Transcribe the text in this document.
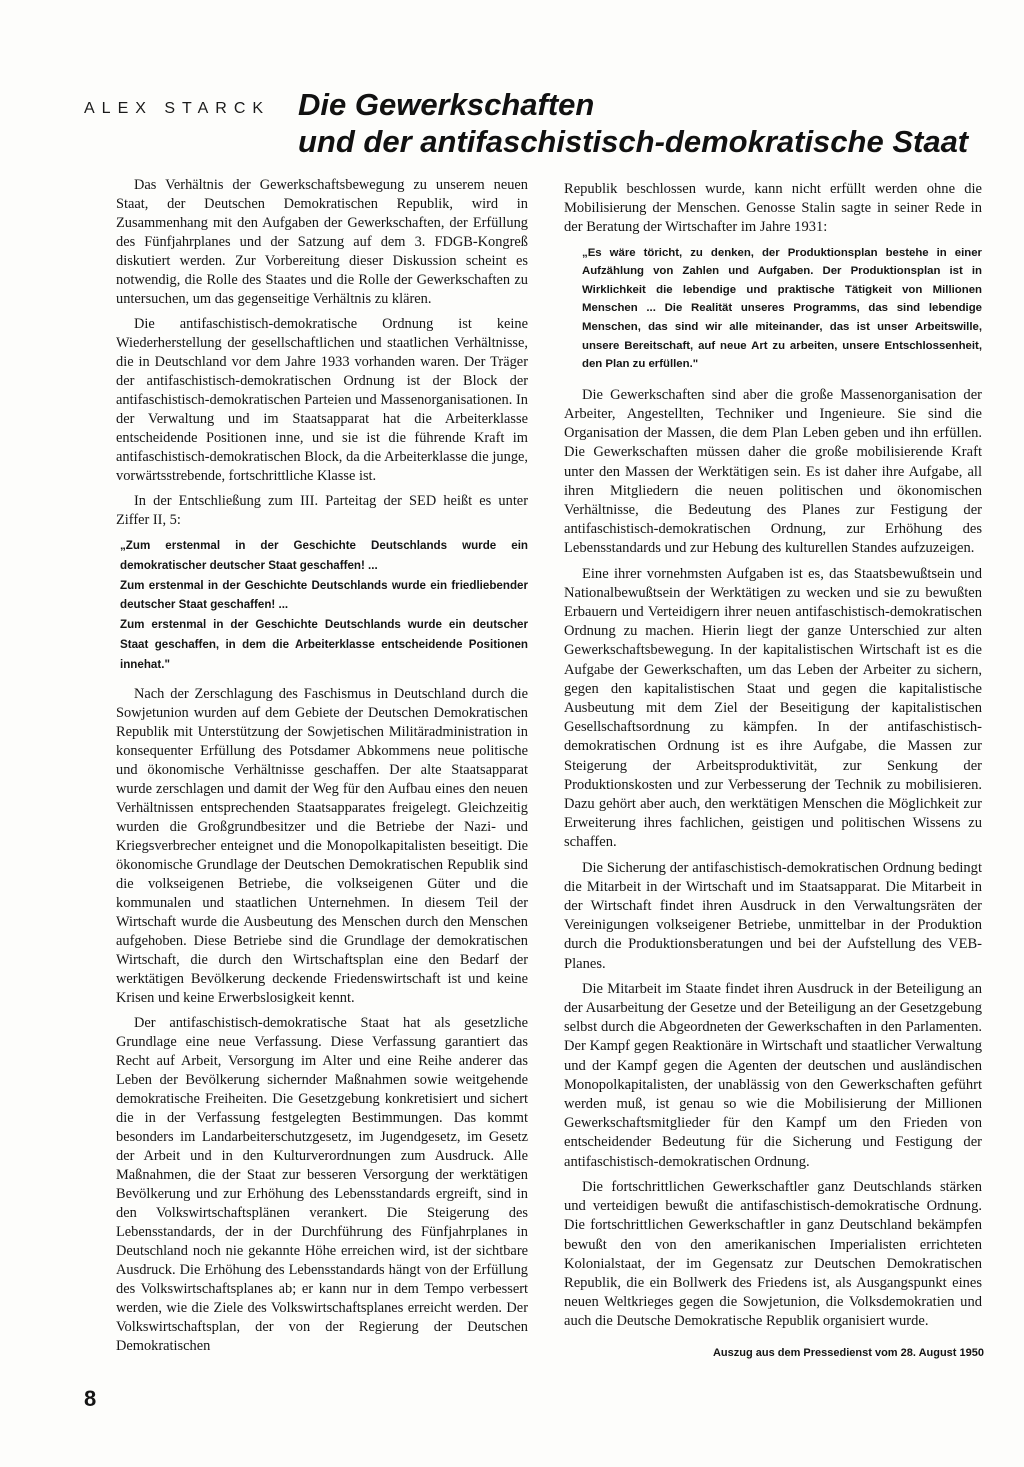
ALEX STARCK Die Gewerkschaften
und der antifaschistisch-demokratische Staat

Das Verhältnis der Gewerkschaftsbewegung zu unserem neuen Staat, der Deutschen Demokratischen Republik, wird in Zusammenhang mit den Aufgaben der Gewerkschaften, der Erfüllung des Fünfjahrplanes und der Satzung auf dem 3. FDGB-Kongreß diskutiert werden. Zur Vorbereitung dieser Diskussion scheint es notwendig, die Rolle des Staates und die Rolle der Gewerkschaften zu untersuchen, um das gegenseitige Verhältnis zu klären.

Die antifaschistisch-demokratische Ordnung ist keine Wiederherstellung der gesellschaftlichen und staatlichen Verhältnisse, die in Deutschland vor dem Jahre 1933 vorhanden waren. Der Träger der antifaschistisch-demokratischen Ordnung ist der Block der antifaschistisch-demokratischen Parteien und Massenorganisationen. In der Verwaltung und im Staatsapparat hat die Arbeiterklasse entscheidende Positionen inne, und sie ist die führende Kraft im antifaschistisch-demokratischen Block, da die Arbeiterklasse die junge, vorwärtsstrebende, fortschrittliche Klasse ist.

In der Entschließung zum III. Parteitag der SED heißt es unter Ziffer II, 5:

„Zum erstenmal in der Geschichte Deutschlands wurde ein demokratischer deutscher Staat geschaffen! ...
Zum erstenmal in der Geschichte Deutschlands wurde ein friedliebender deutscher Staat geschaffen! ...
Zum erstenmal in der Geschichte Deutschlands wurde ein deutscher Staat geschaffen, in dem die Arbeiterklasse entscheidende Positionen innehat."

Nach der Zerschlagung des Faschismus in Deutschland durch die Sowjetunion wurden auf dem Gebiete der Deutschen Demokratischen Republik mit Unterstützung der Sowjetischen Militäradministration in konsequenter Erfüllung des Potsdamer Abkommens neue politische und ökonomische Verhältnisse geschaffen. Der alte Staatsapparat wurde zerschlagen und damit der Weg für den Aufbau eines den neuen Verhältnissen entsprechenden Staatsapparates freigelegt. Gleichzeitig wurden die Großgrundbesitzer und die Betriebe der Nazi- und Kriegsverbrecher enteignet und die Monopolkapitalisten beseitigt. Die ökonomische Grundlage der Deutschen Demokratischen Republik sind die volkseigenen Betriebe, die volkseigenen Güter und die kommunalen und staatlichen Unternehmen. In diesem Teil der Wirtschaft wurde die Ausbeutung des Menschen durch den Menschen aufgehoben. Diese Betriebe sind die Grundlage der demokratischen Wirtschaft, die durch den Wirtschaftsplan eine den Bedarf der werktätigen Bevölkerung deckende Friedenswirtschaft ist und keine Krisen und keine Erwerbslosigkeit kennt.

Der antifaschistisch-demokratische Staat hat als gesetzliche Grundlage eine neue Verfassung. Diese Verfassung garantiert das Recht auf Arbeit, Versorgung im Alter und eine Reihe anderer das Leben der Bevölkerung sichernder Maßnahmen sowie weitgehende demokratische Freiheiten. Die Gesetzgebung konkretisiert und sichert die in der Verfassung festgelegten Bestimmungen. Das kommt besonders im Landarbeiterschutzgesetz, im Jugendgesetz, im Gesetz der Arbeit und in den Kulturverordnungen zum Ausdruck. Alle Maßnahmen, die der Staat zur besseren Versorgung der werktätigen Bevölkerung und zur Erhöhung des Lebensstandards ergreift, sind in den Volkswirtschaftsplänen verankert. Die Steigerung des Lebensstandards, der in der Durchführung des Fünfjahrplanes in Deutschland noch nie gekannte Höhe erreichen wird, ist der sichtbare Ausdruck. Die Erhöhung des Lebensstandards hängt von der Erfüllung des Volkswirtschaftsplanes ab; er kann nur in dem Tempo verbessert werden, wie die Ziele des Volkswirtschaftsplanes erreicht werden. Der Volkswirtschaftsplan, der von der Regierung der Deutschen Demokratischen

Republik beschlossen wurde, kann nicht erfüllt werden ohne die Mobilisierung der Menschen. Genosse Stalin sagte in seiner Rede in der Beratung der Wirtschafter im Jahre 1931:

„Es wäre töricht, zu denken, der Produktionsplan bestehe in einer Aufzählung von Zahlen und Aufgaben. Der Produktionsplan ist in Wirklichkeit die lebendige und praktische Tätigkeit von Millionen Menschen ... Die Realität unseres Programms, das sind lebendige Menschen, das sind wir alle miteinander, das ist unser Arbeitswille, unsere Bereitschaft, auf neue Art zu arbeiten, unsere Entschlossenheit, den Plan zu erfüllen."

Die Gewerkschaften sind aber die große Massenorganisation der Arbeiter, Angestellten, Techniker und Ingenieure. Sie sind die Organisation der Massen, die dem Plan Leben geben und ihn erfüllen. Die Gewerkschaften müssen daher die große mobilisierende Kraft unter den Massen der Werktätigen sein. Es ist daher ihre Aufgabe, all ihren Mitgliedern die neuen politischen und ökonomischen Verhältnisse, die Bedeutung des Planes zur Festigung der antifaschistisch-demokratischen Ordnung, zur Erhöhung des Lebensstandards und zur Hebung des kulturellen Standes aufzuzeigen.

Eine ihrer vornehmsten Aufgaben ist es, das Staatsbewußtsein und Nationalbewußtsein der Werktätigen zu wecken und sie zu bewußten Erbauern und Verteidigern ihrer neuen antifaschistisch-demokratischen Ordnung zu machen. Hierin liegt der ganze Unterschied zur alten Gewerkschaftsbewegung. In der kapitalistischen Wirtschaft ist es die Aufgabe der Gewerkschaften, um das Leben der Arbeiter zu sichern, gegen den kapitalistischen Staat und gegen die kapitalistische Ausbeutung mit dem Ziel der Beseitigung der kapitalistischen Gesellschaftsordnung zu kämpfen. In der antifaschistisch-demokratischen Ordnung ist es ihre Aufgabe, die Massen zur Steigerung der Arbeitsproduktivität, zur Senkung der Produktionskosten und zur Verbesserung der Technik zu mobilisieren. Dazu gehört aber auch, den werktätigen Menschen die Möglichkeit zur Erweiterung ihres fachlichen, geistigen und politischen Wissens zu schaffen.

Die Sicherung der antifaschistisch-demokratischen Ordnung bedingt die Mitarbeit in der Wirtschaft und im Staatsapparat. Die Mitarbeit in der Wirtschaft findet ihren Ausdruck in den Verwaltungsräten der Vereinigungen volkseigener Betriebe, unmittelbar in der Produktion durch die Produktionsberatungen und bei der Aufstellung des VEB-Planes.

Die Mitarbeit im Staate findet ihren Ausdruck in der Beteiligung an der Ausarbeitung der Gesetze und der Beteiligung an der Gesetzgebung selbst durch die Abgeordneten der Gewerkschaften in den Parlamenten. Der Kampf gegen Reaktionäre in Wirtschaft und staatlicher Verwaltung und der Kampf gegen die Agenten der deutschen und ausländischen Monopolkapitalisten, der unablässig von den Gewerkschaften geführt werden muß, ist genau so wie die Mobilisierung der Millionen Gewerkschaftsmitglieder für den Kampf um den Frieden von entscheidender Bedeutung für die Sicherung und Festigung der antifaschistisch-demokratischen Ordnung.

Die fortschrittlichen Gewerkschaftler ganz Deutschlands stärken und verteidigen bewußt die antifaschistisch-demokratische Ordnung. Die fortschrittlichen Gewerkschaftler in ganz Deutschland bekämpfen bewußt den von den amerikanischen Imperialisten errichteten Kolonialstaat, der im Gegensatz zur Deutschen Demokratischen Republik, die ein Bollwerk des Friedens ist, als Ausgangspunkt eines neuen Weltkrieges gegen die Sowjetunion, die Volksdemokratien und auch die Deutsche Demokratische Republik organisiert wurde.

Auszug aus dem Pressedienst vom 28. August 1950
8
